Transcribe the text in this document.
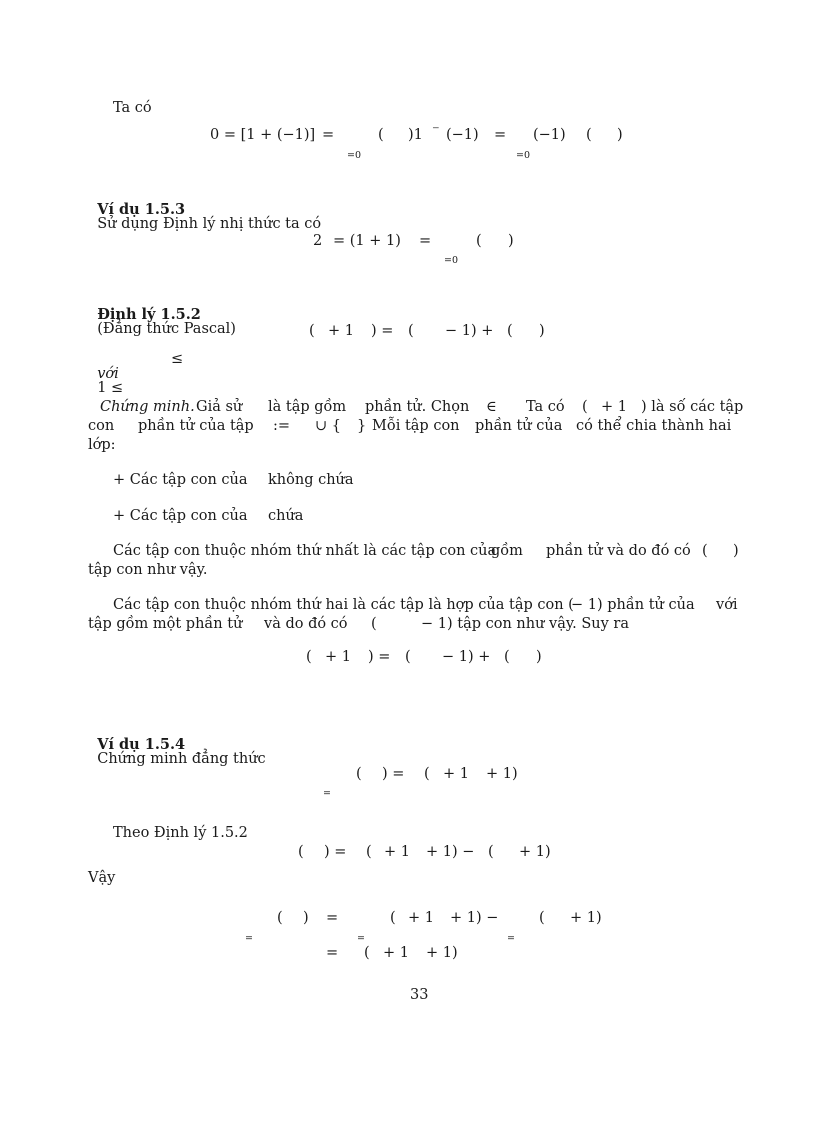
Ta có
0 = [1 + (−1)] =	( )1 ⁻ (−1) = (−1) ( )
=0	=0

Ví dụ 1.5.3
Sử dụng Định lý nhị thức ta có

2 = (1 + 1) =	( )
=0

Định lý 1.5.2
(Đẳng thức Pascal)	( + 1 ) = ( − 1) + ( )

với
1 ≤

≤
Chứng minh. Giả sử là tập gồm phần tử. Chọn ∈ Ta có ( + 1 ) là số các tập
con phần tử của tập := ∪ { } Mỗi tập con phần tử của có thể chia thành hai
lớp:
+ Các tập con của không chứa
+ Các tập con của chứa
Các tập con thuộc nhóm thứ nhất là các tập con của
gồm phần tử và do đó có ( )
tập con như vậy.
Các tập con thuộc nhóm thứ hai là các tập là hợp của tập con (
− 1) phần tử của với
tập gồm một phần tử và do đó có (	− 1) tập con như vậy. Suy ra
( + 1 ) = ( − 1) + ( )

Ví dụ 1.5.4
Chứng minh đẳng thức

( ) = ( + 1 + 1)
=
Theo Định lý 1.5.2
( ) = ( + 1 + 1) − ( + 1)
Vậy
( ) =	( + 1 + 1) −	( + 1)
=	=	=
= ( + 1 + 1)
33
